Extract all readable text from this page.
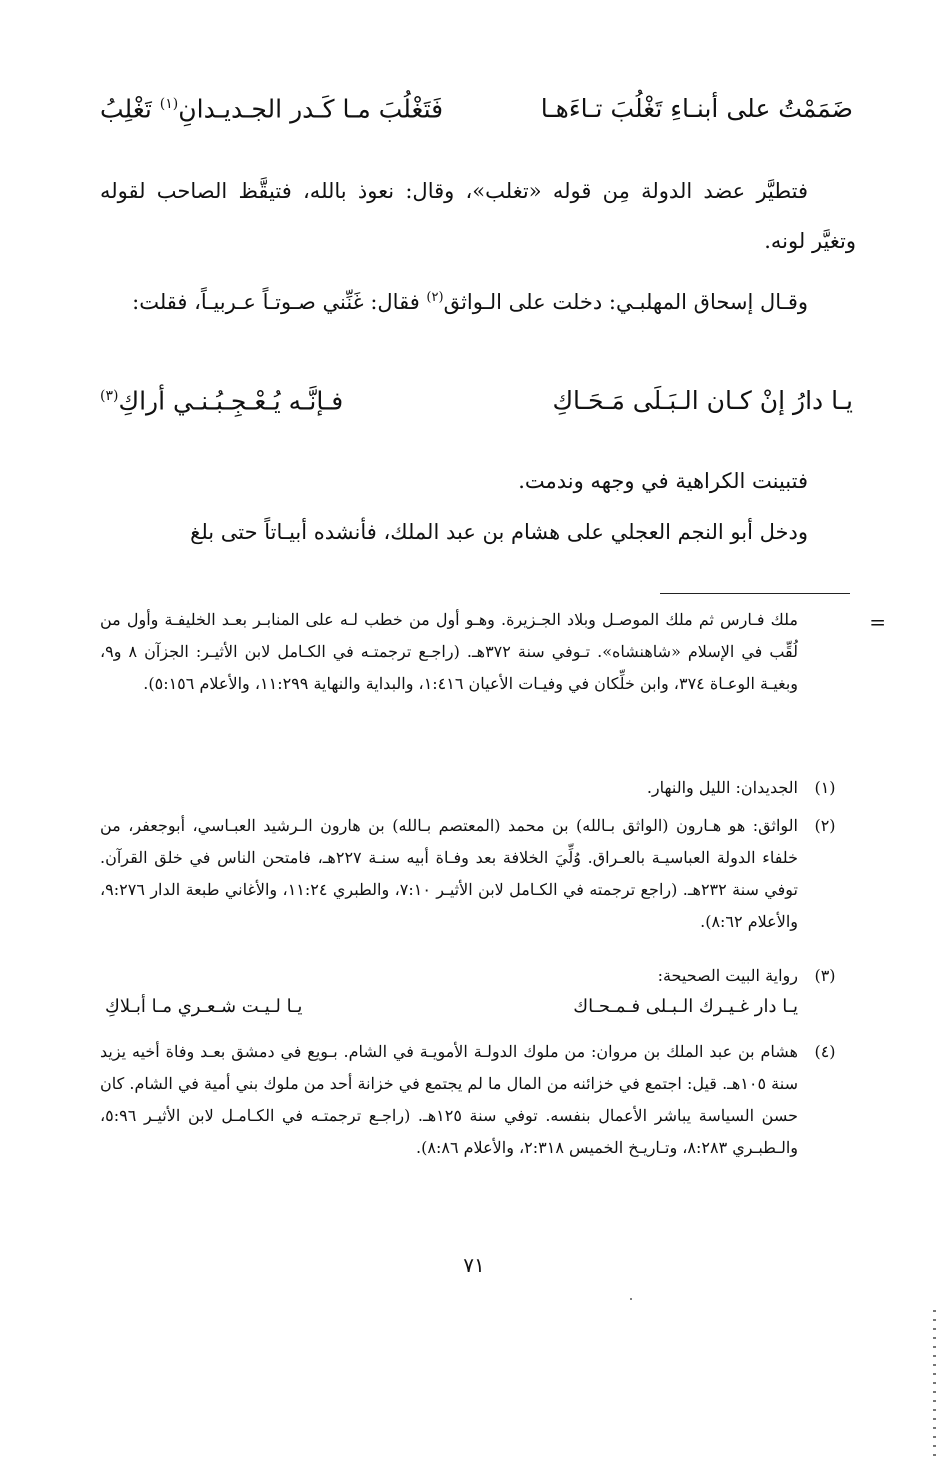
ضَمَمْتُ على أبنـاءِ تَغْلُبَ تـاءَهـا
فَتَغْلُبَ مـا كَـدر الجـديـدانِ$^{(١)}$ تَغْلِبُ
فتطيَّر عضد الدولة مِن قوله «تغلب»، وقال: نعوذ بالله، فتيقَّظ الصاحب لقوله وتغيَّر لونه.
وقـال إسحاق المهلبـي: دخلت على الـواثق$^{(٢)}$ فقال: غَنِّني صـوتـاً عـربيـاً، فقلت:
يـا دارُ إنْ كـان الـبَـلَى مَـحَـاكِ
فـإنَّـه يُـعْـجِـبُـنـي أراكِ$^{(٣)}$
فتبينت الكراهية في وجهه وندمت.
ودخل أبو النجم العجلي على هشام بن عبد الملك، فأنشده أبيـاتاً حتى بلغ
=
ملك فـارس ثم ملك الموصـل وبلاد الجـزيرة. وهـو أول من خطب لـه على المنابـر بعـد الخليفـة وأول من لُقِّب في الإسلام «شاهنشاه». تـوفي سنة ٣٧٢هـ. (راجـع ترجمتـه في الكـامل لابن الأثيـر: الجزآن ٨ و٩، وبغيـة الوعـاة ٣٧٤، وابن خلِّكان في وفيـات الأعيان ١:٤١٦، والبداية والنهاية ١١:٢٩٩، والأعلام ٥:١٥٦).
(١)
الجديدان: الليل والنهار.
(٢)
الواثق: هو هـارون (الواثق بـالله) بن محمد (المعتصم بـالله) بن هارون الـرشيد العبـاسي، أبوجعفر، من خلفاء الدولة العباسيـة بالعـراق. وُلِّيَ الخلافة بعد وفـاة أبيه سنـة ٢٢٧هـ، فامتحن الناس في خلق القرآن. توفي سنة ٢٣٢هـ. (راجع ترجمته في الكـامل لابن الأثيـر ٧:١٠، والطبري ١١:٢٤، والأغاني طبعة الدار ٩:٢٧٦، والأعلام ٨:٦٢).
(٣)
رواية البيت الصحيحة:
يـا دار غـيـرك الـبـلى فـمـحـاك
يـا لـيـت شـعـري مـا أبـلاكِ
(٤)
هشام بن عبد الملك بن مروان: من ملوك الدولـة الأمويـة في الشام. بـويع في دمشق بعـد وفاة أخيه يزيد سنة ١٠٥هـ. قيل: اجتمع في خزائنه من المال ما لم يجتمع في خزانة أحد من ملوك بني أمية في الشام. كان حسن السياسة يباشر الأعمال بنفسه. توفي سنة ١٢٥هـ. (راجـع ترجمتـه في الكـامـل لابن الأثيـر ٥:٩٦، والـطبـري ٨:٢٨٣، وتـاريـخ الخميس ٢:٣١٨، والأعلام ٨:٨٦).
٧١
